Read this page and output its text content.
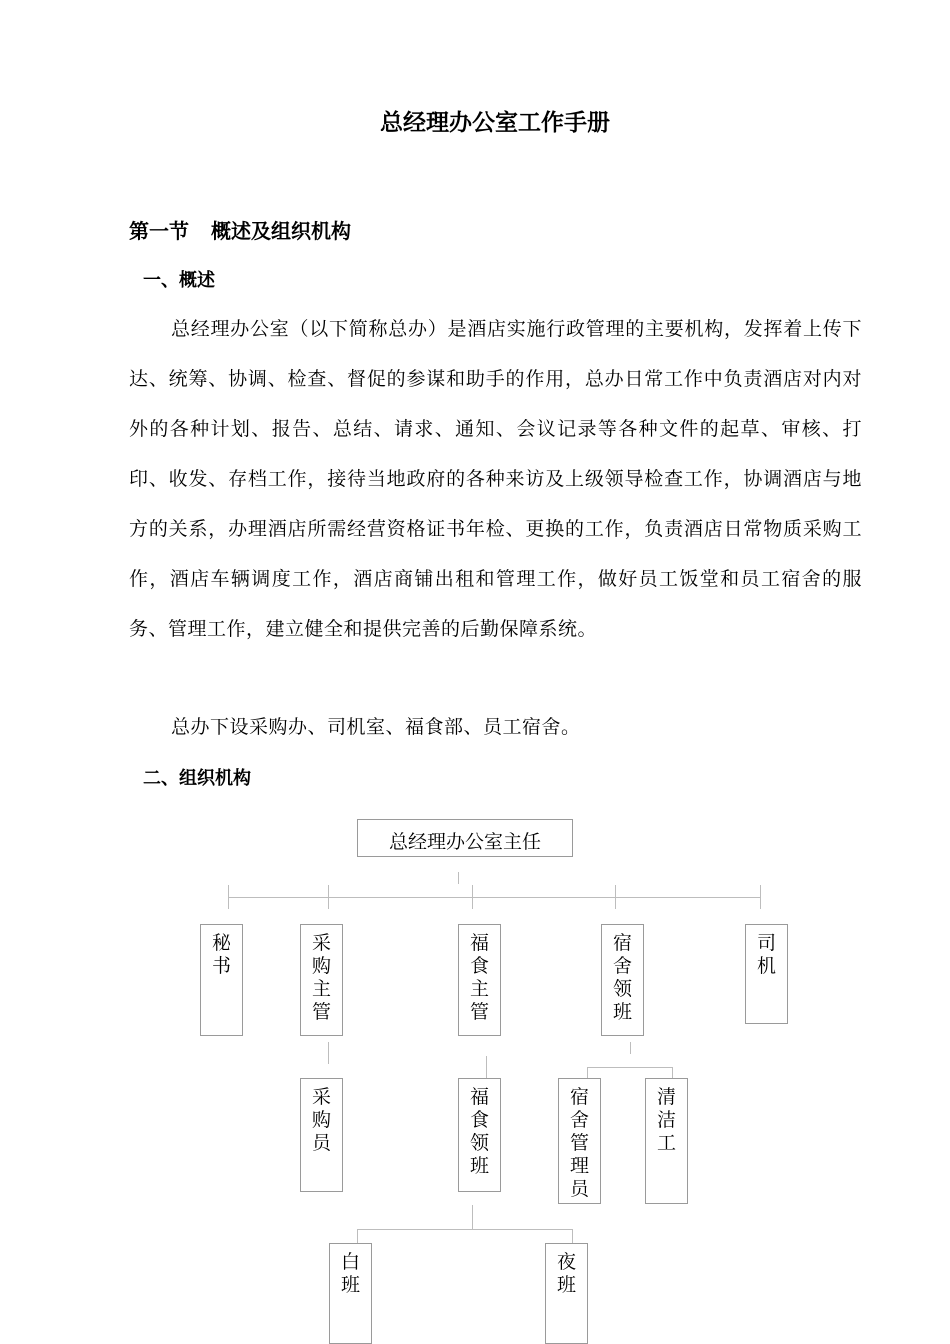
总经理办公室工作手册
第一节 概述及组织机构
一、概述
总经理办公室（以下简称总办）是酒店实施行政管理的主要机构，发挥着上传下达、统筹、协调、检查、督促的参谋和助手的作用，总办日常工作中负责酒店对内对外的各种计划、报告、总结、请求、通知、会议记录等各种文件的起草、审核、打印、收发、存档工作，接待当地政府的各种来访及上级领导检查工作，协调酒店与地方的关系，办理酒店所需经营资格证书年检、更换的工作，负责酒店日常物质采购工作，酒店车辆调度工作，酒店商铺出租和管理工作，做好员工饭堂和员工宿舍的服务、管理工作，建立健全和提供完善的后勤保障系统。
总办下设采购办、司机室、福食部、员工宿舍。
二、组织机构
总经理办公室主任
秘
书
采
购
主
管
福
食
主
管
宿
舍
领
班
司
机
采
购
员
福
食
领
班
宿
舍
管
理
员
清
洁
工
白
班
夜
班
